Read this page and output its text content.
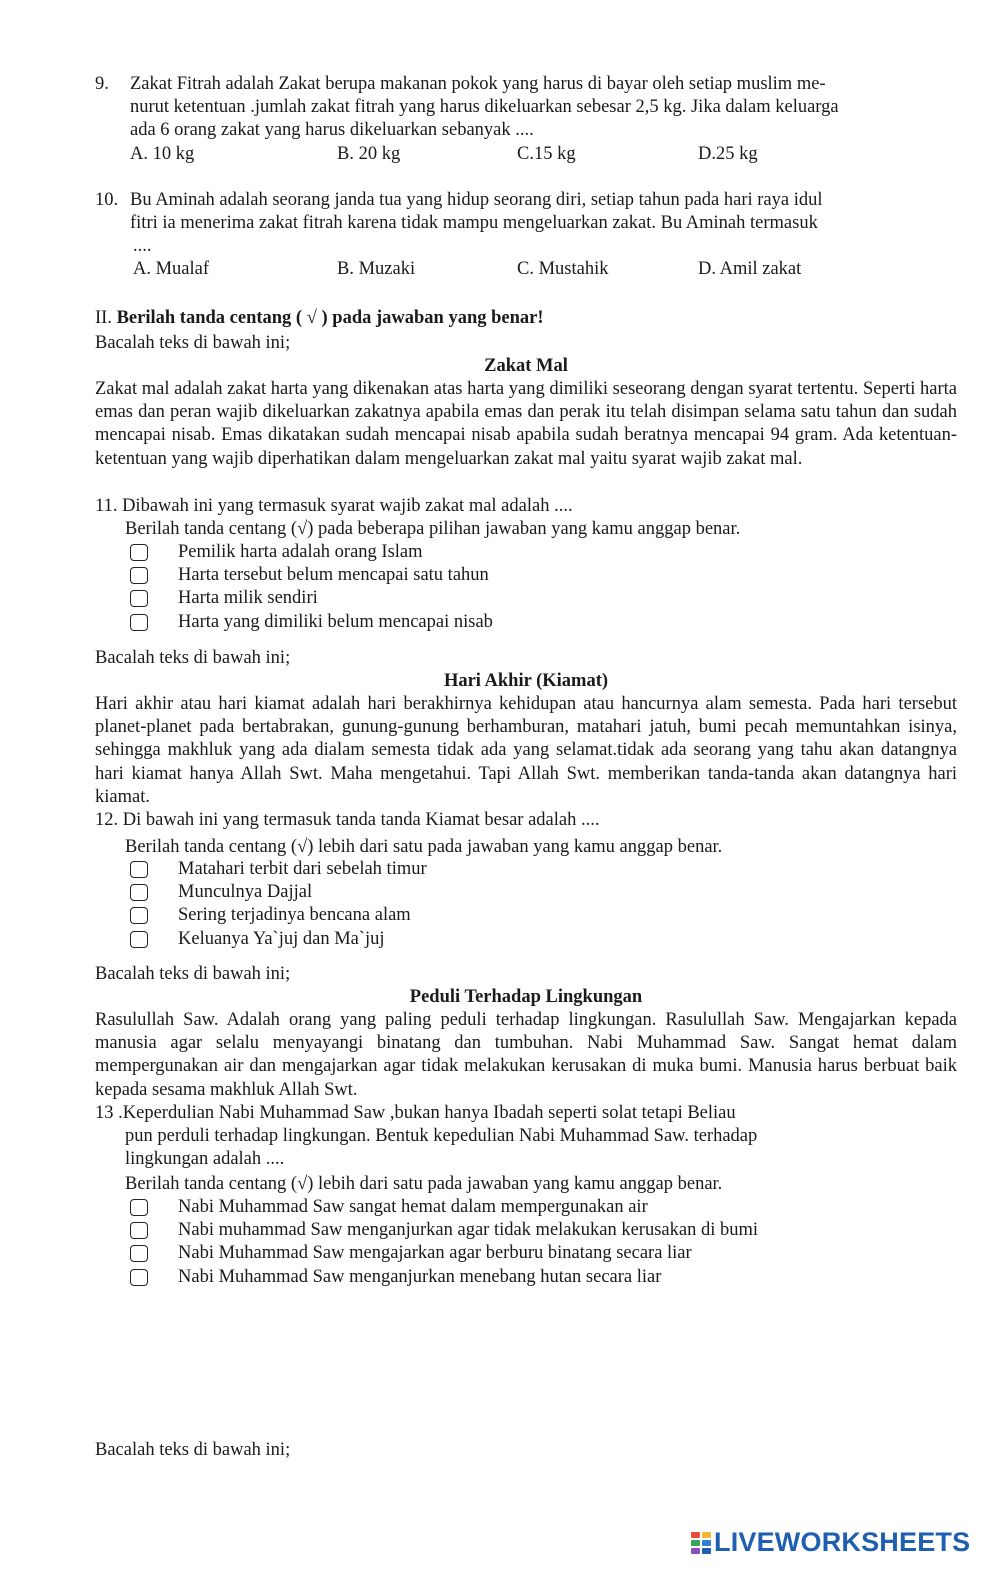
9. Zakat Fitrah adalah Zakat berupa makanan pokok yang harus di bayar oleh setiap muslim me-
nurut ketentuan .jumlah zakat fitrah yang harus dikeluarkan sebesar 2,5 kg. Jika dalam keluarga
ada 6 orang zakat yang harus dikeluarkan sebanyak ....
A. 10 kg	B. 20 kg	C.15 kg	D.25 kg
10. Bu Aminah adalah seorang janda tua yang hidup seorang diri, setiap tahun pada hari raya idul
fitri ia menerima zakat fitrah karena tidak mampu mengeluarkan zakat. Bu Aminah termasuk
....
A. Mualaf	B. Muzaki	C. Mustahik	D. Amil zakat
II. Berilah tanda centang ( √ ) pada jawaban yang benar!
Bacalah teks di bawah ini;
Zakat Mal
Zakat mal adalah zakat harta yang dikenakan atas harta yang dimiliki seseorang dengan syarat tertentu. Seperti harta emas dan peran wajib dikeluarkan zakatnya apabila emas dan perak itu telah disimpan selama satu tahun dan sudah mencapai nisab. Emas dikatakan sudah mencapai nisab apabila sudah beratnya mencapai 94 gram. Ada ketentuan-ketentuan yang wajib diperhatikan dalam mengeluarkan zakat mal yaitu syarat wajib zakat mal.
11. Dibawah ini yang termasuk syarat wajib zakat mal adalah ....
Berilah tanda centang (√) pada beberapa pilihan jawaban yang kamu anggap benar.
Pemilik harta adalah orang Islam
Harta tersebut belum mencapai satu tahun
Harta milik sendiri
Harta yang dimiliki belum mencapai nisab
Bacalah teks di bawah ini;
Hari Akhir (Kiamat)
Hari akhir atau hari kiamat adalah hari berakhirnya kehidupan atau hancurnya alam semesta. Pada hari tersebut planet-planet pada bertabrakan, gunung-gunung berhamburan, matahari jatuh, bumi pecah memuntahkan isinya, sehingga makhluk yang ada dialam semesta tidak ada yang selamat.tidak ada seorang yang tahu akan datangnya hari kiamat hanya Allah Swt. Maha mengetahui. Tapi Allah Swt. memberikan tanda-tanda akan datangnya hari kiamat.
12. Di bawah ini yang termasuk tanda tanda Kiamat besar adalah ....
Berilah tanda centang (√) lebih dari satu pada jawaban yang kamu anggap benar.
Matahari terbit dari sebelah timur
Munculnya Dajjal
Sering terjadinya bencana alam
Keluanya Ya`juj dan Ma`juj
Bacalah teks di bawah ini;
Peduli Terhadap Lingkungan
Rasulullah Saw. Adalah orang yang paling peduli terhadap lingkungan. Rasulullah Saw. Mengajarkan kepada manusia agar selalu menyayangi binatang dan tumbuhan. Nabi Muhammad Saw. Sangat hemat dalam mempergunakan air dan mengajarkan agar tidak melakukan kerusakan di muka bumi. Manusia harus berbuat baik kepada sesama makhluk Allah Swt.
13 .Keperdulian Nabi Muhammad Saw ,bukan hanya Ibadah seperti solat tetapi Beliau
pun perduli terhadap lingkungan. Bentuk kepedulian Nabi Muhammad Saw. terhadap
lingkungan adalah ....
Berilah tanda centang (√) lebih dari satu pada jawaban yang kamu anggap benar.
Nabi Muhammad Saw sangat hemat dalam mempergunakan air
Nabi muhammad Saw menganjurkan agar tidak melakukan kerusakan di bumi
Nabi Muhammad Saw mengajarkan agar berburu binatang secara liar
Nabi Muhammad Saw menganjurkan menebang hutan secara liar
Bacalah teks di bawah ini;
LIVEWORKSHEETS
